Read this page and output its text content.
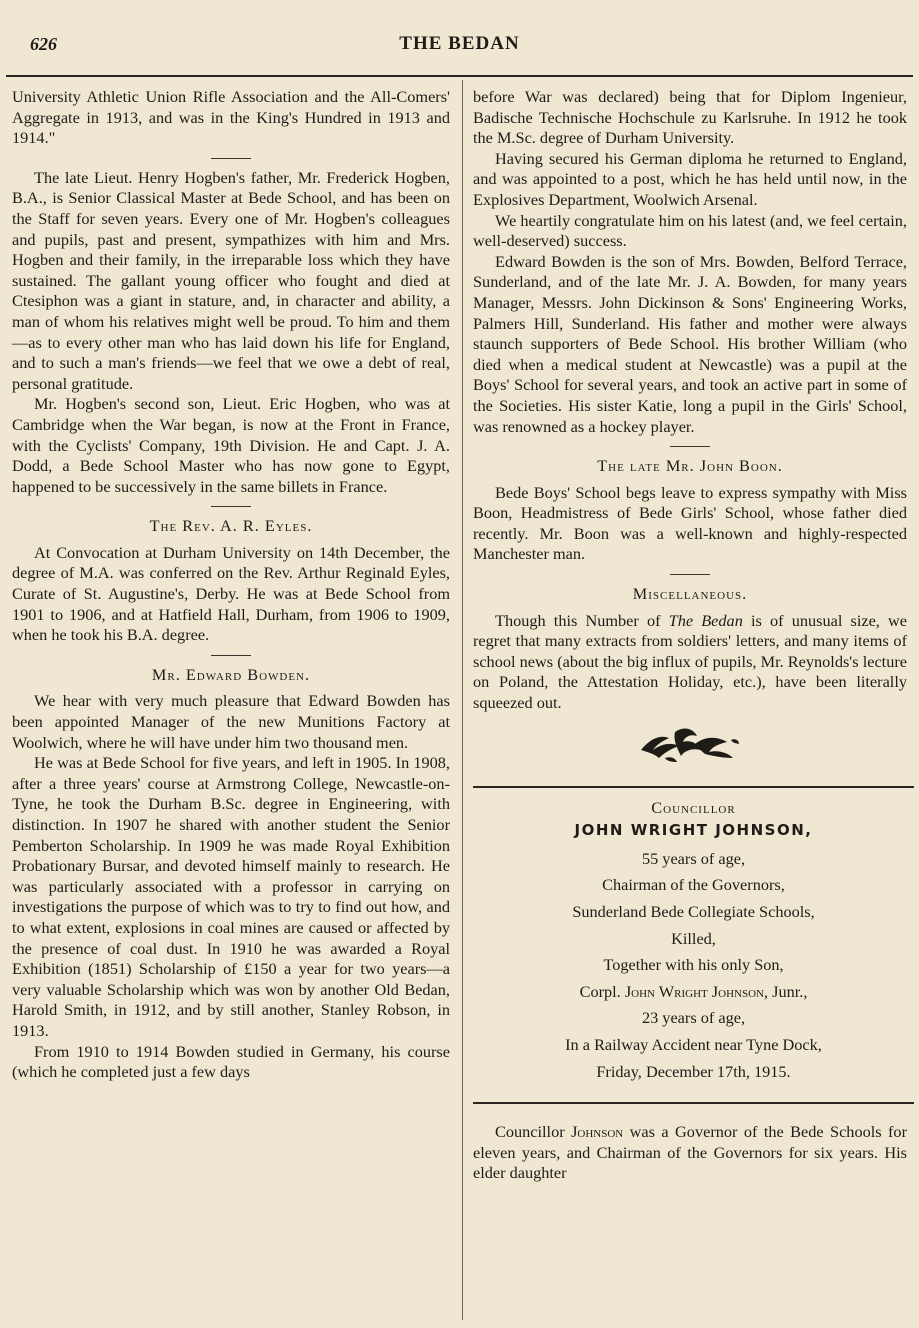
626	THE BEDAN

University Athletic Union Rifle Association and the All-Comers' Aggregate in 1913, and was in the King's Hundred in 1913 and 1914."

The late Lieut. Henry Hogben's father, Mr. Frederick Hogben, B.A., is Senior Classical Master at Bede School, and has been on the Staff for seven years. Every one of Mr. Hogben's colleagues and pupils, past and present, sympathizes with him and Mrs. Hogben and their family, in the irreparable loss which they have sustained. The gallant young officer who fought and died at Ctesiphon was a giant in stature, and, in character and ability, a man of whom his relatives might well be proud. To him and them—as to every other man who has laid down his life for England, and to such a man's friends—we feel that we owe a debt of real, personal gratitude.

Mr. Hogben's second son, Lieut. Eric Hogben, who was at Cambridge when the War began, is now at the Front in France, with the Cyclists' Company, 19th Division. He and Capt. J. A. Dodd, a Bede School Master who has now gone to Egypt, happened to be successively in the same billets in France.

The Rev. A. R. Eyles.

At Convocation at Durham University on 14th December, the degree of M.A. was conferred on the Rev. Arthur Reginald Eyles, Curate of St. Augustine's, Derby. He was at Bede School from 1901 to 1906, and at Hatfield Hall, Durham, from 1906 to 1909, when he took his B.A. degree.

Mr. Edward Bowden.

We hear with very much pleasure that Edward Bowden has been appointed Manager of the new Munitions Factory at Woolwich, where he will have under him two thousand men.

He was at Bede School for five years, and left in 1905. In 1908, after a three years' course at Armstrong College, Newcastle-on-Tyne, he took the Durham B.Sc. degree in Engineering, with distinction. In 1907 he shared with another student the Senior Pemberton Scholarship. In 1909 he was made Royal Exhibition Probationary Bursar, and devoted himself mainly to research. He was particularly associated with a professor in carrying on investigations the purpose of which was to try to find out how, and to what extent, explosions in coal mines are caused or affected by the presence of coal dust. In 1910 he was awarded a Royal Exhibition (1851) Scholarship of £150 a year for two years—a very valuable Scholarship which was won by another Old Bedan, Harold Smith, in 1912, and by still another, Stanley Robson, in 1913.

From 1910 to 1914 Bowden studied in Germany, his course (which he completed just a few days

before War was declared) being that for Diplom Ingenieur, Badische Technische Hochschule zu Karlsruhe. In 1912 he took the M.Sc. degree of Durham University.

Having secured his German diploma he returned to England, and was appointed to a post, which he has held until now, in the Explosives Department, Woolwich Arsenal.

We heartily congratulate him on his latest (and, we feel certain, well-deserved) success.

Edward Bowden is the son of Mrs. Bowden, Belford Terrace, Sunderland, and of the late Mr. J. A. Bowden, for many years Manager, Messrs. John Dickinson & Sons' Engineering Works, Palmers Hill, Sunderland. His father and mother were always staunch supporters of Bede School. His brother William (who died when a medical student at Newcastle) was a pupil at the Boys' School for several years, and took an active part in some of the Societies. His sister Katie, long a pupil in the Girls' School, was renowned as a hockey player.

The late Mr. John Boon.

Bede Boys' School begs leave to express sympathy with Miss Boon, Headmistress of Bede Girls' School, whose father died recently. Mr. Boon was a well-known and highly-respected Manchester man.

Miscellaneous.

Though this Number of The Bedan is of unusual size, we regret that many extracts from soldiers' letters, and many items of school news (about the big influx of pupils, Mr. Reynolds's lecture on Poland, the Attestation Holiday, etc.), have been literally squeezed out.

Councillor
JOHN WRIGHT JOHNSON,
55 years of age,
Chairman of the Governors,
Sunderland Bede Collegiate Schools,
Killed,
Together with his only Son,
Corpl. John Wright Johnson, Junr.,
23 years of age,
In a Railway Accident near Tyne Dock,
Friday, December 17th, 1915.

Councillor Johnson was a Governor of the Bede Schools for eleven years, and Chairman of the Governors for six years. His elder daughter
